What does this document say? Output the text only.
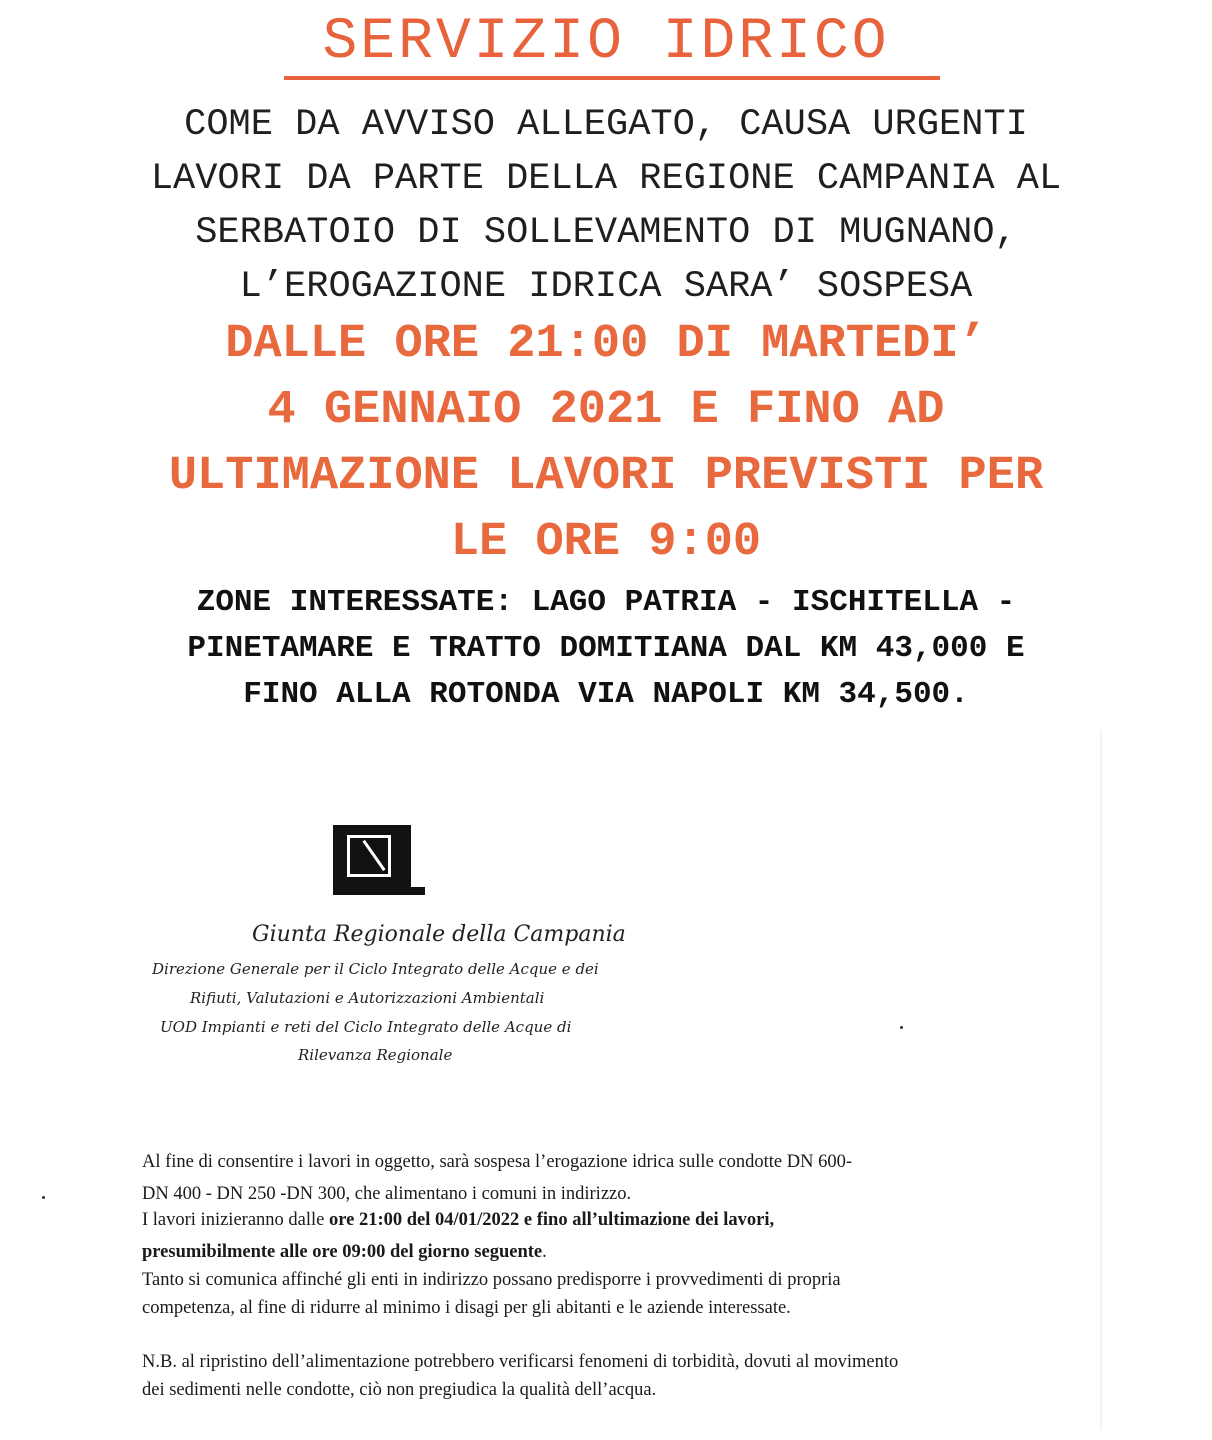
SERVIZIO IDRICO
COME DA AVVISO ALLEGATO, CAUSA URGENTI
LAVORI DA PARTE DELLA REGIONE CAMPANIA AL
SERBATOIO DI SOLLEVAMENTO DI MUGNANO,
L’EROGAZIONE IDRICA SARA’ SOSPESA
DALLE ORE 21:00 DI MARTEDI’
4 GENNAIO 2021 E FINO AD
ULTIMAZIONE LAVORI PREVISTI PER
LE ORE 9:00
ZONE INTERESSATE: LAGO PATRIA - ISCHITELLA -
PINETAMARE E TRATTO DOMITIANA DAL KM 43,000 E
FINO ALLA ROTONDA VIA NAPOLI KM 34,500.
Giunta Regionale della Campania
Direzione Generale per il Ciclo Integrato delle Acque e dei
Rifiuti, Valutazioni e Autorizzazioni Ambientali
UOD Impianti e reti del Ciclo Integrato delle Acque di
Rilevanza Regionale
Al fine di consentire i lavori in oggetto, sarà sospesa l’erogazione idrica sulle condotte DN 600-
DN 400 - DN 250 -DN 300, che alimentano i comuni in indirizzo.
I lavori inizieranno dalle ore 21:00 del 04/01/2022 e fino all’ultimazione dei lavori,
presumibilmente alle ore 09:00 del giorno seguente.
Tanto si comunica affinché gli enti in indirizzo possano predisporre i provvedimenti di propria
competenza, al fine di ridurre al minimo i disagi per gli abitanti e le aziende interessate.
N.B. al ripristino dell’alimentazione potrebbero verificarsi fenomeni di torbidità, dovuti al movimento
dei sedimenti nelle condotte, ciò non pregiudica la qualità dell’acqua.
